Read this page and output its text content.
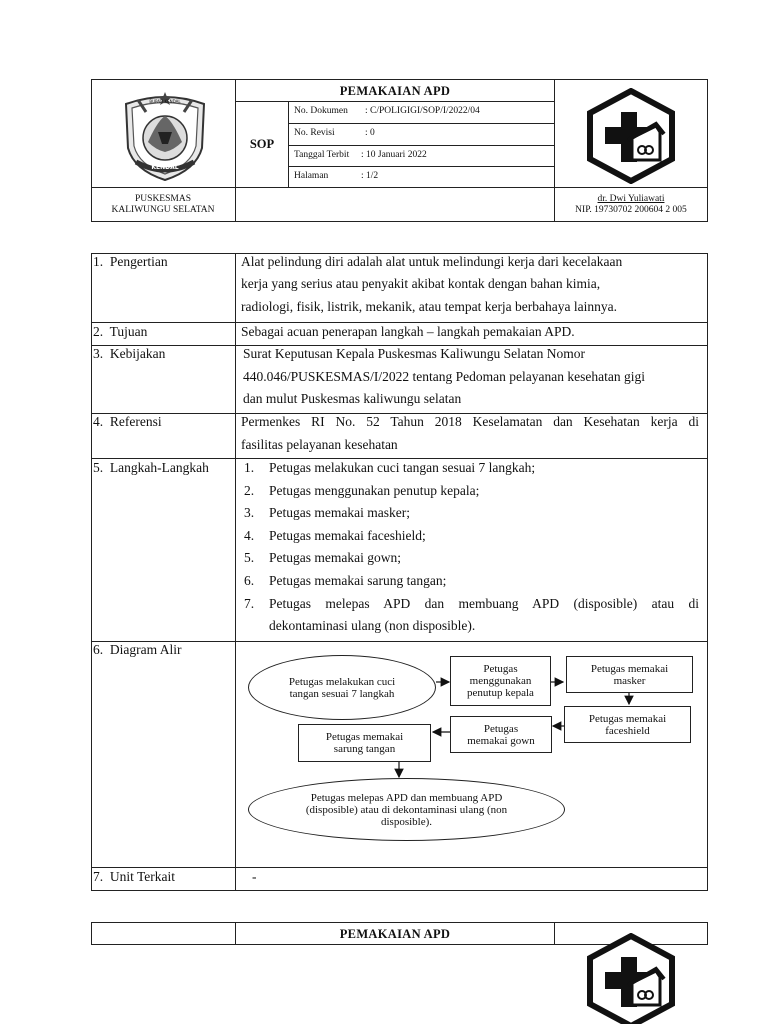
BUPATI KENDAL
KENDAL
PEMAKAIAN APD
SOP
No. Dokumen : C/POLIGIGI/SOP/I/2022/04
No. Revisi	: 0
Tanggal Terbit : 10 Januari 2022
Halaman	: 1/2
PUSKESMAS
KALIWUNGU SELATAN
dr. Dwi Yuliawati
NIP. 19730702 200604 2 005
1.  Pengertian	Alat pelindung diri adalah alat untuk melindungi kerja dari kecelakaan
kerja yang serius atau penyakit akibat kontak dengan bahan kimia,
radiologi, fisik, listrik, mekanik, atau tempat kerja berbahaya lainnya.
2.  Tujuan	Sebagai acuan penerapan langkah – langkah pemakaian APD.
3.  Kebijakan	Surat Keputusan Kepala Puskesmas Kaliwungu Selatan Nomor
440.046/PUSKESMAS/I/2022 tentang Pedoman pelayanan kesehatan gigi
dan mulut Puskesmas kaliwungu selatan
4.  Referensi	Permenkes RI No. 52 Tahun 2018 Keselamatan dan Kesehatan kerja di
fasilitas pelayanan kesehatan
5.  Langkah-Langkah	1. Petugas melakukan cuci tangan sesuai 7 langkah;
2. Petugas menggunakan penutup kepala;
3. Petugas memakai masker;
4. Petugas memakai faceshield;
5. Petugas memakai gown;
6. Petugas memakai sarung tangan;
7. Petugas melepas APD dan membuang APD (disposible) atau di
dekontaminasi ulang (non disposible).
6.  Diagram Alir
Petugas melakukan cuci tangan sesuai 7 langkah
Petugas menggunakan penutup kepala
Petugas memakai masker
Petugas memakai faceshield
Petugas memakai gown
Petugas memakai sarung tangan
Petugas melepas APD dan membuang APD (disposible) atau di dekontaminasi ulang (non disposible).
7.  Unit Terkait	-
PEMAKAIAN APD
